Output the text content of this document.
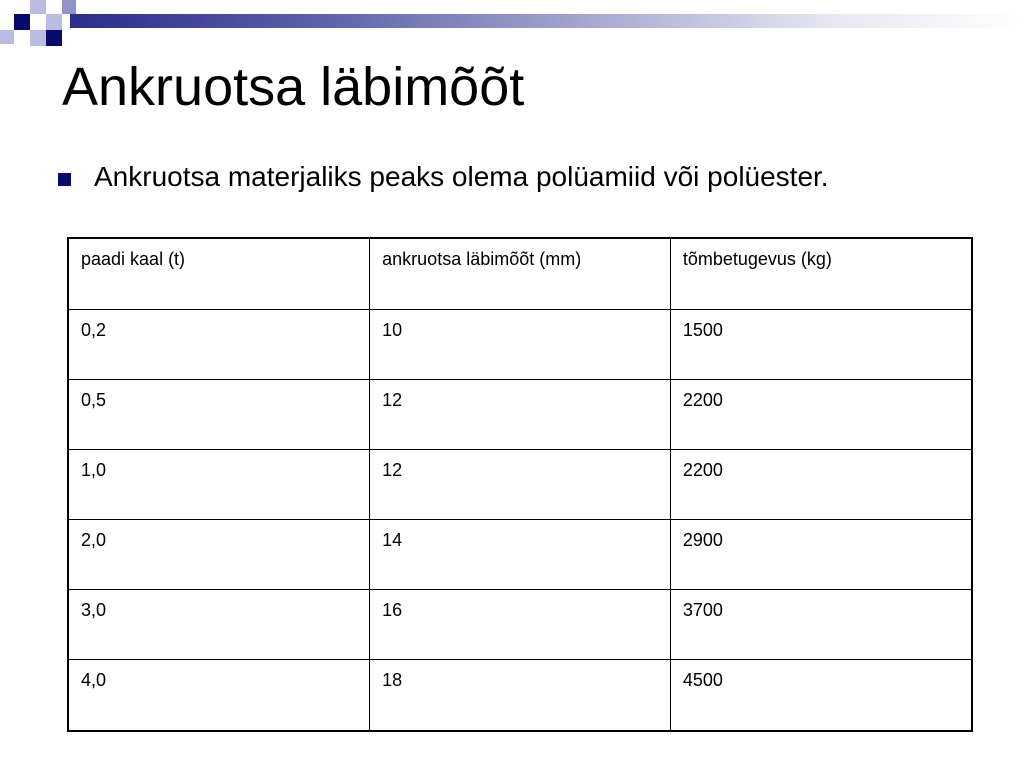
Ankruotsa läbimõõt
Ankruotsa materjaliks peaks olema polüamiid või polüester.
paadi kaal (t)	ankruotsa läbimõõt (mm)	tõmbetugevus (kg)
0,2	10	1500
0,5	12	2200
1,0	12	2200
2,0	14	2900
3,0	16	3700
4,0	18	4500
